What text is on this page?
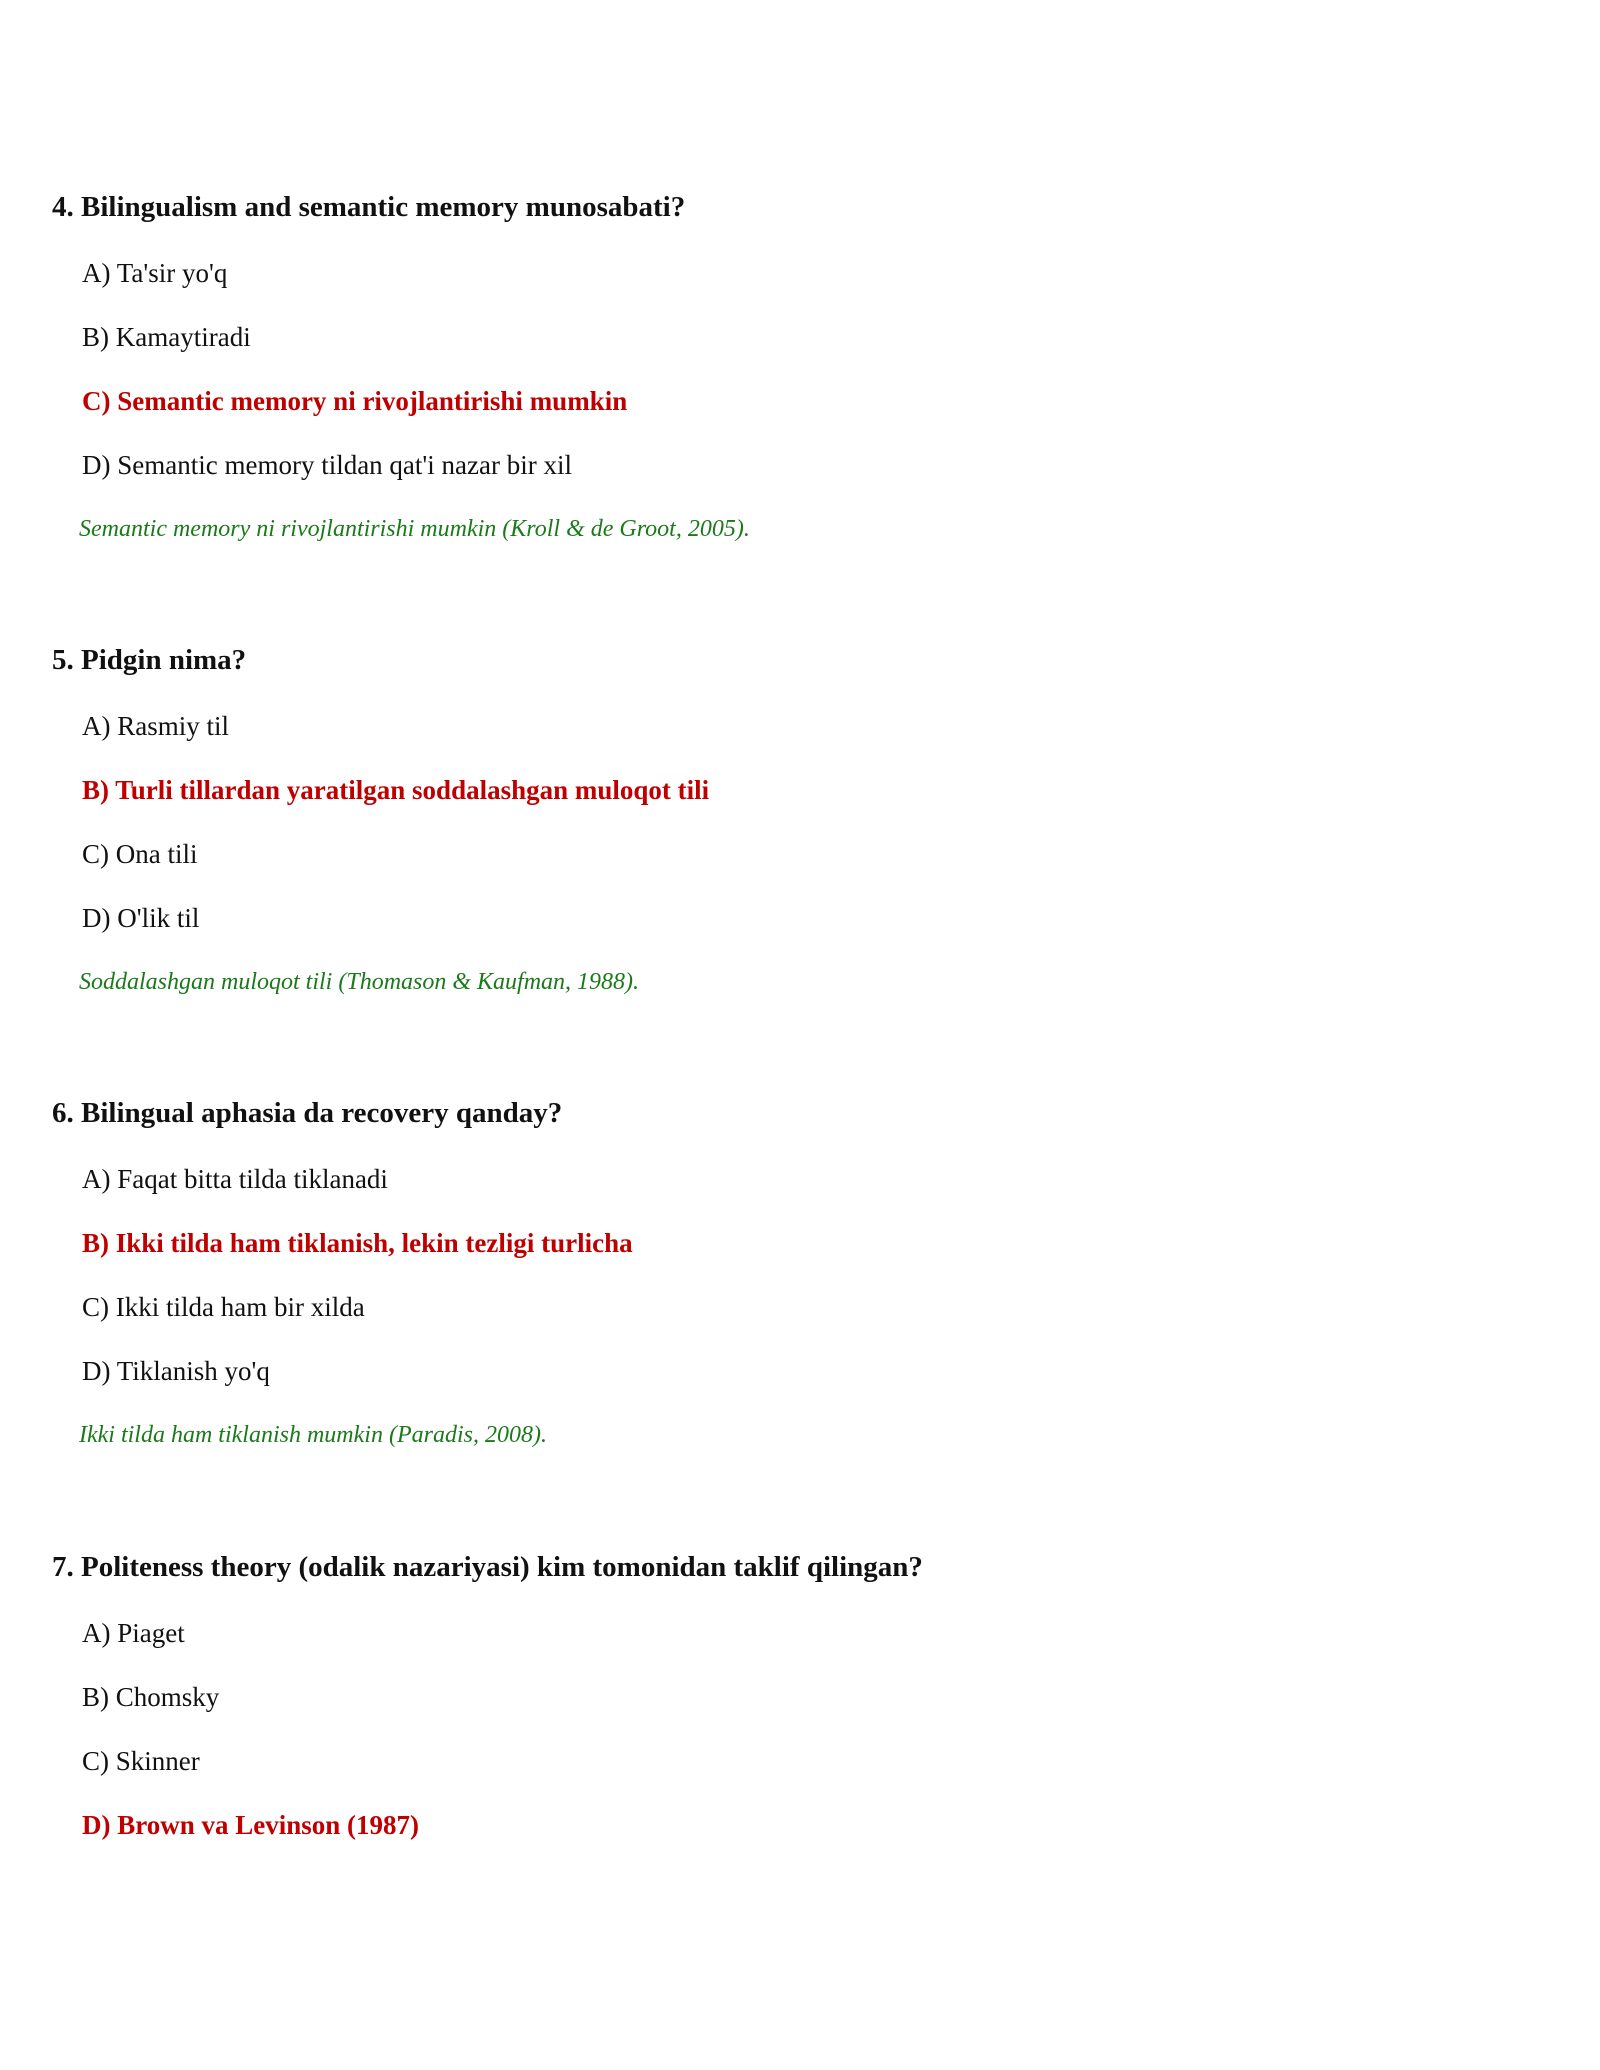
4. Bilingualism and semantic memory munosabati?
A) Ta'sir yo'q
B) Kamaytiradi
C) Semantic memory ni rivojlantirishi mumkin
D) Semantic memory tildan qat'i nazar bir xil
Semantic memory ni rivojlantirishi mumkin (Kroll & de Groot, 2005).
5. Pidgin nima?
A) Rasmiy til
B) Turli tillardan yaratilgan soddalashgan muloqot tili
C) Ona tili
D) O'lik til
Soddalashgan muloqot tili (Thomason & Kaufman, 1988).
6. Bilingual aphasia da recovery qanday?
A) Faqat bitta tilda tiklanadi
B) Ikki tilda ham tiklanish, lekin tezligi turlicha
C) Ikki tilda ham bir xilda
D) Tiklanish yo'q
Ikki tilda ham tiklanish mumkin (Paradis, 2008).
7. Politeness theory (odalik nazariyasi) kim tomonidan taklif qilingan?
A) Piaget
B) Chomsky
C) Skinner
D) Brown va Levinson (1987)
